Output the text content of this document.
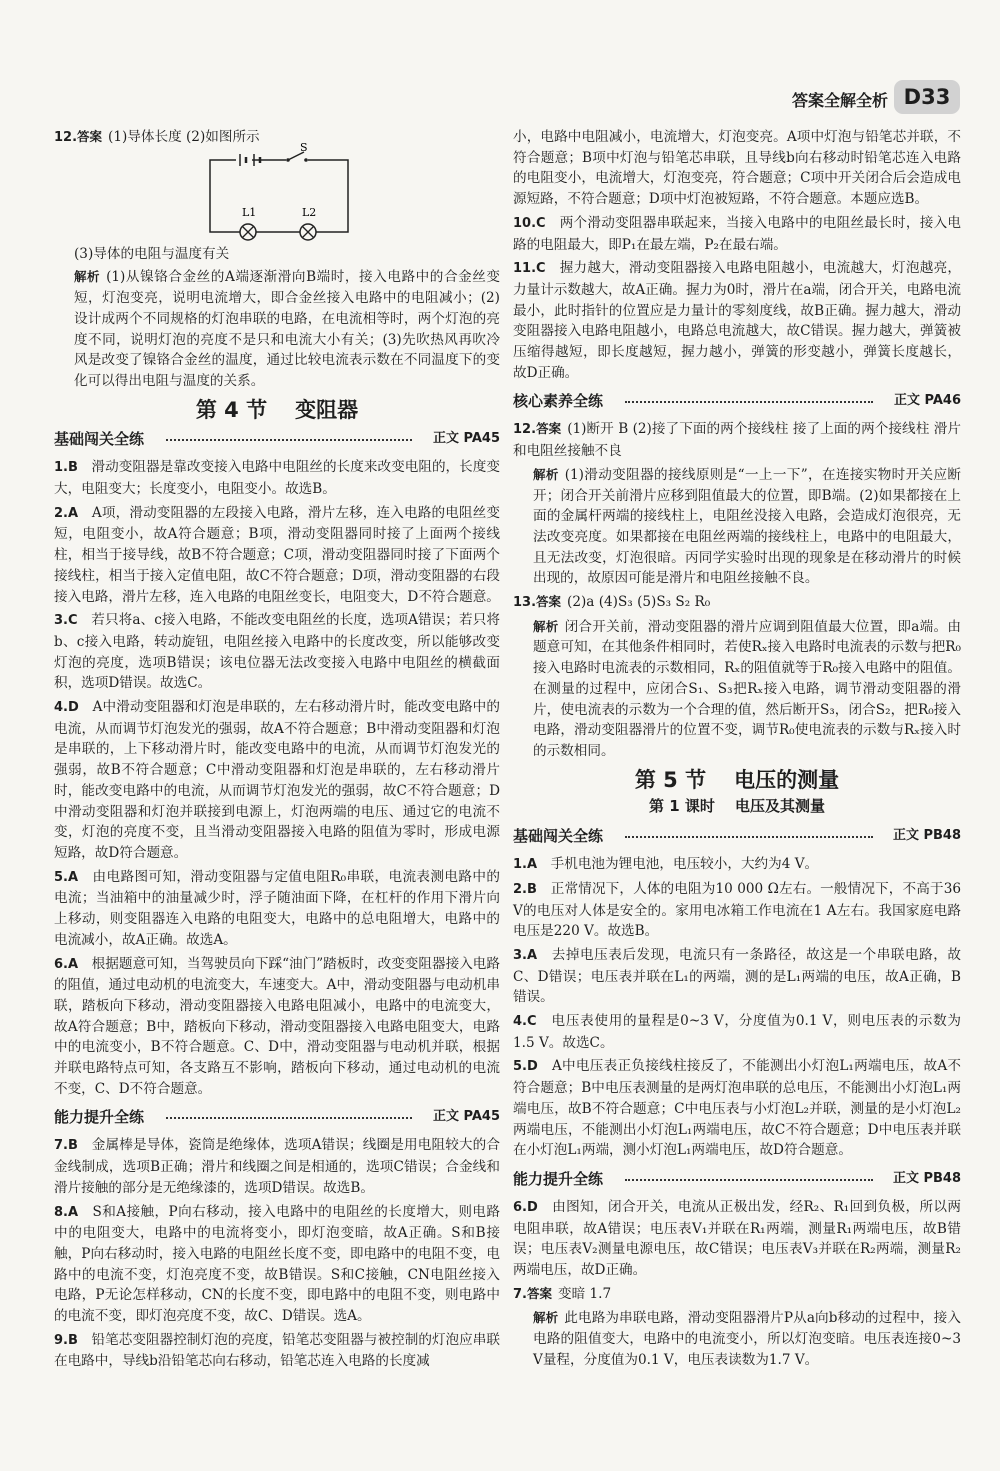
答案全解全析 D33

12.答案 (1)导体长度 (2)如图所示

S
L1	L2

(3)导体的电阻与温度有关

解析 (1)从镍铬合金丝的A端逐渐滑向B端时，接入电路中的合金丝变短，灯泡变亮，说明电流增大，即合金丝接入电路中的电阻减小；(2)设计成两个不同规格的灯泡串联的电路，在电流相等时，两个灯泡的亮度不同，说明灯泡的亮度不是只和电流大小有关；(3)先吹热风再吹冷风是改变了镍铬合金丝的温度，通过比较电流表示数在不同温度下的变化可以得出电阻与温度的关系。

第 4 节 变阻器
基础闯关全练	正文 PA45

1.B　 滑动变阻器是靠改变接入电路中电阻丝的长度来改变电阻的，长度变大，电阻变大；长度变小，电阻变小。故选B。

2.A　 A项，滑动变阻器的左段接入电路，滑片左移，连入电路的电阻丝变短，电阻变小，故A符合题意；B项，滑动变阻器同时接了上面两个接线柱，相当于接导线，故B不符合题意；C项，滑动变阻器同时接了下面两个接线柱，相当于接入定值电阻，故C不符合题意；D项，滑动变阻器的右段接入电路，滑片左移，连入电路的电阻丝变长，电阻变大，D不符合题意。

3.C　 若只将a、c接入电路，不能改变电阻丝的长度，选项A错误；若只将b、c接入电路，转动旋钮，电阻丝接入电路中的长度改变，所以能够改变灯泡的亮度，选项B错误；该电位器无法改变接入电路中电阻丝的横截面积，选项D错误。故选C。

4.D　 A中滑动变阻器和灯泡是串联的，左右移动滑片时，能改变电路中的电流，从而调节灯泡发光的强弱，故A不符合题意；B中滑动变阻器和灯泡是串联的，上下移动滑片时，能改变电路中的电流，从而调节灯泡发光的强弱，故B不符合题意；C中滑动变阻器和灯泡是串联的，左右移动滑片时，能改变电路中的电流，从而调节灯泡发光的强弱，故C不符合题意；D中滑动变阻器和灯泡并联接到电源上，灯泡两端的电压、通过它的电流不变，灯泡的亮度不变，且当滑动变阻器接入电路的阻值为零时，形成电源短路，故D符合题意。

5.A　 由电路图可知，滑动变阻器与定值电阻R₀串联，电流表测电路中的电流；当油箱中的油量减少时，浮子随油面下降，在杠杆的作用下滑片向上移动，则变阻器连入电路的电阻变大，电路中的总电阻增大，电路中的电流减小，故A正确。故选A。

6.A　 根据题意可知，当驾驶员向下踩“油门”踏板时，改变变阻器接入电路的阻值，通过电动机的电流变大，车速变大。A中，滑动变阻器与电动机串联，踏板向下移动，滑动变阻器接入电路电阻减小，电路中的电流变大，故A符合题意；B中，踏板向下移动，滑动变阻器接入电路电阻变大，电路中的电流变小，B不符合题意。C、D中，滑动变阻器与电动机并联，根据并联电路特点可知，各支路互不影响，踏板向下移动，通过电动机的电流不变，C、D不符合题意。

能力提升全练	正文 PA45

7.B　 金属棒是导体，瓷筒是绝缘体，选项A错误；线圈是用电阻较大的合金线制成，选项B正确；滑片和线圈之间是相通的，选项C错误；合金线和滑片接触的部分是无绝缘漆的，选项D错误。故选B。

8.A　 S和A接触，P向右移动，接入电路中的电阻丝的长度增大，则电路中的电阻变大，电路中的电流将变小，即灯泡变暗，故A正确。S和B接触，P向右移动时，接入电路的电阻丝长度不变，即电路中的电阻不变，电路中的电流不变，灯泡亮度不变，故B错误。S和C接触，CN电阻丝接入电路，P无论怎样移动，CN的长度不变，即电路中的电阻不变，则电路中的电流不变，即灯泡亮度不变，故C、D错误。选A。

9.B　 铅笔芯变阻器控制灯泡的亮度，铅笔芯变阻器与被控制的灯泡应串联在电路中，导线b沿铅笔芯向右移动，铅笔芯连入电路的长度减

小，电路中电阻减小，电流增大，灯泡变亮。A项中灯泡与铅笔芯并联，不符合题意；B项中灯泡与铅笔芯串联，且导线b向右移动时铅笔芯连入电路的电阻变小，电流增大，灯泡变亮，符合题意；C项中开关闭合后会造成电源短路，不符合题意；D项中灯泡被短路，不符合题意。本题应选B。

10.C　 两个滑动变阻器串联起来，当接入电路中的电阻丝最长时，接入电路的电阻最大，即P₁在最左端，P₂在最右端。

11.C　 握力越大，滑动变阻器接入电路电阻越小，电流越大，灯泡越亮，力量计示数越大，故A正确。握力为0时，滑片在a端，闭合开关，电路电流最小，此时指针的位置应是力量计的零刻度线，故B正确。握力越大，滑动变阻器接入电路电阻越小，电路总电流越大，故C错误。握力越大，弹簧被压缩得越短，即长度越短，握力越小，弹簧的形变越小，弹簧长度越长，故D正确。

核心素养全练	正文 PA46

12.答案 (1)断开 B (2)接了下面的两个接线柱 接了上面的两个接线柱 滑片和电阻丝接触不良

解析 (1)滑动变阻器的接线原则是“一上一下”，在连接实物时开关应断开；闭合开关前滑片应移到阻值最大的位置，即B端。(2)如果都接在上面的金属杆两端的接线柱上，电阻丝没接入电路，会造成灯泡很亮，无法改变亮度。如果都接在电阻丝两端的接线柱上，电路中的电阻最大，且无法改变，灯泡很暗。丙同学实验时出现的现象是在移动滑片的时候出现的，故原因可能是滑片和电阻丝接触不良。

13.答案 (2)a (4)S₃ (5)S₃ S₂ R₀

解析 闭合开关前，滑动变阻器的滑片应调到阻值最大位置，即a端。由题意可知，在其他条件相同时，若使Rₓ接入电路时电流表的示数与把R₀接入电路时电流表的示数相同，Rₓ的阻值就等于R₀接入电路中的阻值。在测量的过程中，应闭合S₁、S₃把Rₓ接入电路，调节滑动变阻器的滑片，使电流表的示数为一个合理的值，然后断开S₃，闭合S₂，把R₀接入电路，滑动变阻器滑片的位置不变，调节R₀使电流表的示数与Rₓ接入时的示数相同。

第 5 节 电压的测量
第 1 课时 电压及其测量
基础闯关全练	正文 PB48

1.A　 手机电池为锂电池，电压较小，大约为4 V。

2.B　 正常情况下，人体的电阻为10 000 Ω左右。一般情况下，不高于36 V的电压对人体是安全的。家用电冰箱工作电流在1 A左右。我国家庭电路电压是220 V。故选B。

3.A　 去掉电压表后发现，电流只有一条路径，故这是一个串联电路，故C、D错误；电压表并联在L₁的两端，测的是L₁两端的电压，故A正确，B错误。

4.C　 电压表使用的量程是0~3 V，分度值为0.1 V，则电压表的示数为1.5 V。故选C。

5.D　 A中电压表正负接线柱接反了，不能测出小灯泡L₁两端电压，故A不符合题意；B中电压表测量的是两灯泡串联的总电压，不能测出小灯泡L₁两端电压，故B不符合题意；C中电压表与小灯泡L₂并联，测量的是小灯泡L₂两端电压，不能测出小灯泡L₁两端电压，故C不符合题意；D中电压表并联在小灯泡L₁两端，测小灯泡L₁两端电压，故D符合题意。

能力提升全练	正文 PB48

6.D　 由图知，闭合开关，电流从正极出发，经R₂、R₁回到负极，所以两电阻串联，故A错误；电压表V₁并联在R₁两端，测量R₁两端电压，故B错误；电压表V₂测量电源电压，故C错误；电压表V₃并联在R₂两端，测量R₂两端电压，故D正确。

7.答案 变暗 1.7

解析 此电路为串联电路，滑动变阻器滑片P从a向b移动的过程中，接入电路的阻值变大，电路中的电流变小，所以灯泡变暗。电压表连接0~3 V量程，分度值为0.1 V，电压表读数为1.7 V。
